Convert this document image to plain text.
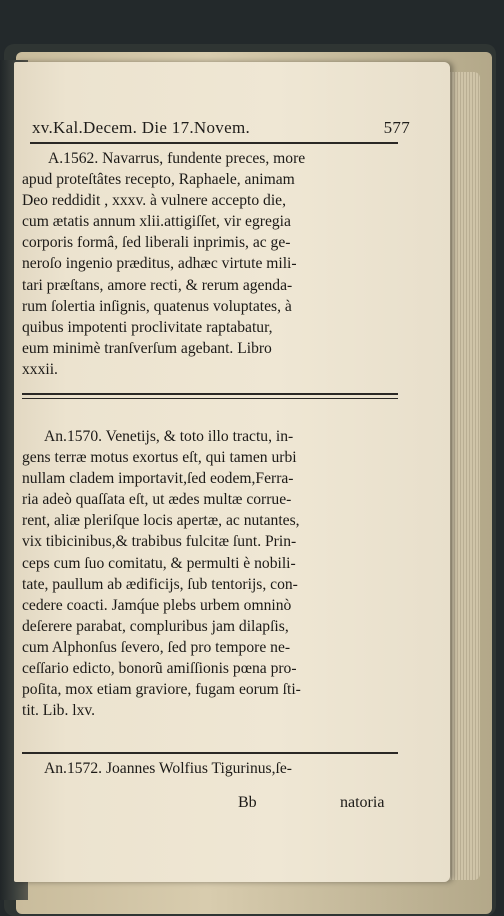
xv.Kal.Decem. Die 17.Novem.	577
A.1562. Navarrus, fundente preces, more
apud proteſtâtes recepto, Raphaele, animam
Deo reddidit , xxxv. à vulnere accepto die,
cum ætatis annum xlii.attigiſſet, vir egregia
corporis formâ, ſed liberali inprimis, ac ge-
neroſo ingenio præditus, adhæc virtute mili-
tari præſtans, amore recti, & rerum agenda-
rum ſolertia inſignis, quatenus voluptates, à
quibus impotenti proclivitate raptabatur,
eum minimè tranſverſum agebant. Libro
xxxii.
An.1570. Venetijs, & toto illo tractu, in-
gens terræ motus exortus eſt, qui tamen urbi
nullam cladem importavit,ſed eodem,Ferra-
ria adeò quaſſata eſt, ut ædes multæ corrue-
rent, aliæ pleriſque locis apertæ, ac nutantes,
vix tibicinibus,& trabibus fulcitæ ſunt. Prin-
ceps cum ſuo comitatu, & permulti è nobili-
tate, paullum ab ædificijs, ſub tentorijs, con-
cedere coacti. Jamq́ue plebs urbem omninò
deſerere parabat, compluribus jam dilapſis,
cum Alphonſus ſevero, ſed pro tempore ne-
ceſſario edicto, bonorũ amiſſionis pœna pro-
poſita, mox etiam graviore, fugam eorum ſti-
tit. Lib. lxv.
An.1572. Joannes Wolfius Tigurinus,ſe-
Bb	natoria
